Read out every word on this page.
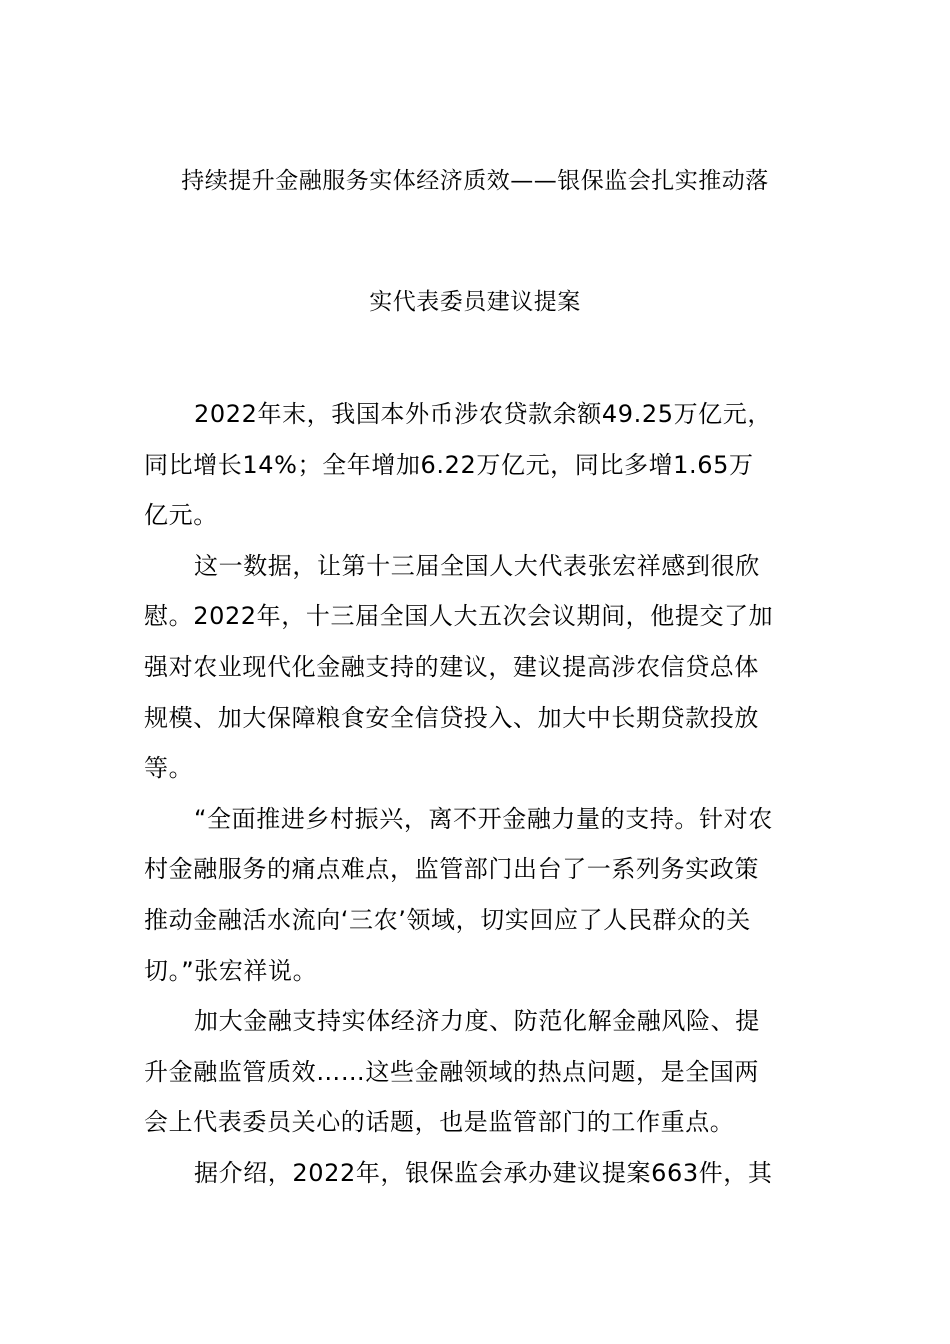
持续提升金融服务实体经济质效——银保监会扎实推动落
实代表委员建议提案
2022年末，我国本外币涉农贷款余额49.25万亿元，
同比增长14%；全年增加6.22万亿元，同比多增1.65万
亿元。
这一数据，让第十三届全国人大代表张宏祥感到很欣
慰。2022年，十三届全国人大五次会议期间，他提交了加
强对农业现代化金融支持的建议，建议提高涉农信贷总体
规模、加大保障粮食安全信贷投入、加大中长期贷款投放
等。
“全面推进乡村振兴，离不开金融力量的支持。针对农
村金融服务的痛点难点，监管部门出台了一系列务实政策
推动金融活水流向‘三农’领域，切实回应了人民群众的关
切。”张宏祥说。
加大金融支持实体经济力度、防范化解金融风险、提
升金融监管质效……这些金融领域的热点问题，是全国两
会上代表委员关心的话题，也是监管部门的工作重点。
据介绍，2022年，银保监会承办建议提案663件，其
